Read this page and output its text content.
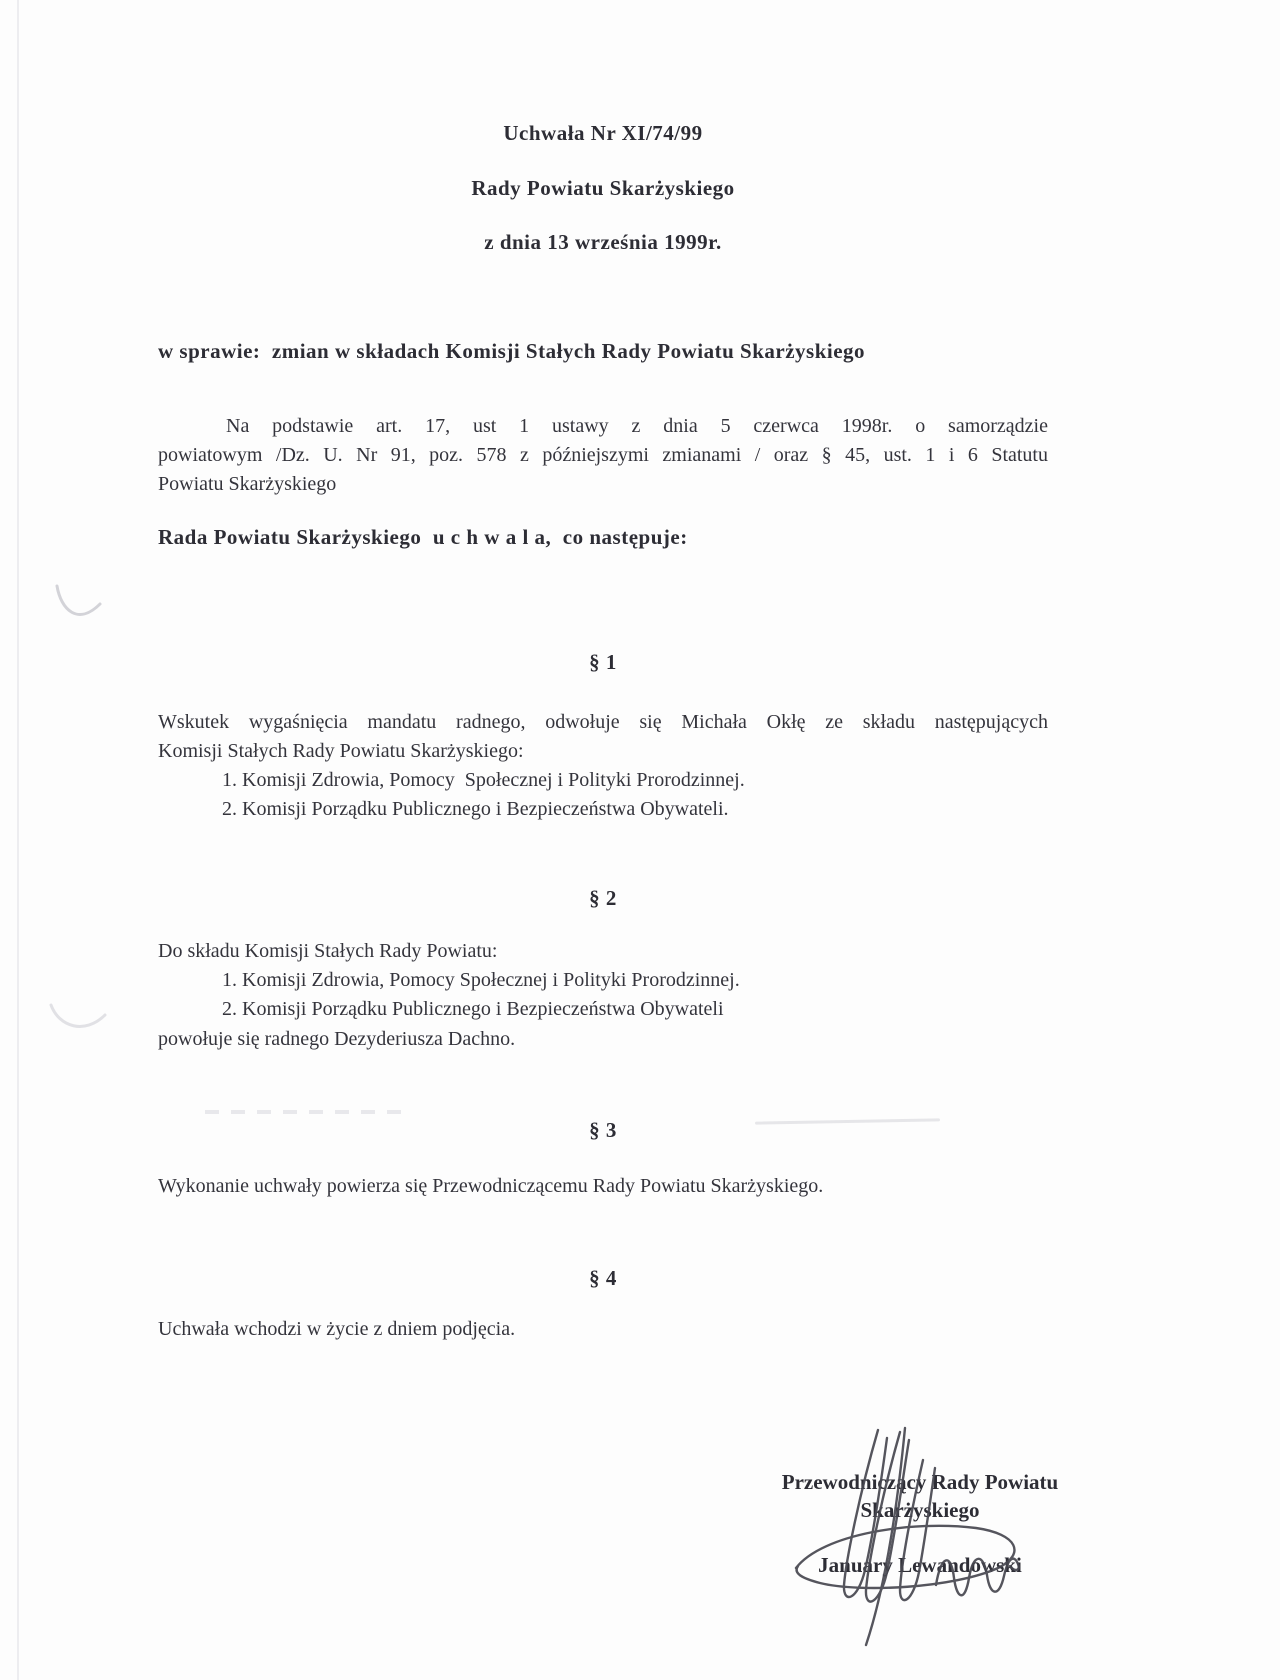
Uchwała Nr XI/74/99
Rady Powiatu Skarżyskiego
z dnia 13 września 1999r.
w sprawie:  zmian w składach Komisji Stałych Rady Powiatu Skarżyskiego
Na podstawie art. 17, ust 1 ustawy z dnia 5 czerwca 1998r. o samorządzie
powiatowym /Dz. U. Nr 91, poz. 578 z późniejszymi zmianami / oraz § 45, ust. 1 i 6 Statutu
Powiatu Skarżyskiego
Rada Powiatu Skarżyskiego  u c h w a l a,  co następuje:
§ 1
Wskutek wygaśnięcia mandatu radnego, odwołuje się Michała Okłę ze składu następujących
Komisji Stałych Rady Powiatu Skarżyskiego:
1. Komisji Zdrowia, Pomocy  Społecznej i Polityki Prorodzinnej.
2. Komisji Porządku Publicznego i Bezpieczeństwa Obywateli.
§ 2
Do składu Komisji Stałych Rady Powiatu:
1. Komisji Zdrowia, Pomocy Społecznej i Polityki Prorodzinnej.
2. Komisji Porządku Publicznego i Bezpieczeństwa Obywateli
powołuje się radnego Dezyderiusza Dachno.
§ 3
Wykonanie uchwały powierza się Przewodniczącemu Rady Powiatu Skarżyskiego.
§ 4
Uchwała wchodzi w życie z dniem podjęcia.
Przewodniczący Rady Powiatu
Skarżyskiego
January Lewandowski
